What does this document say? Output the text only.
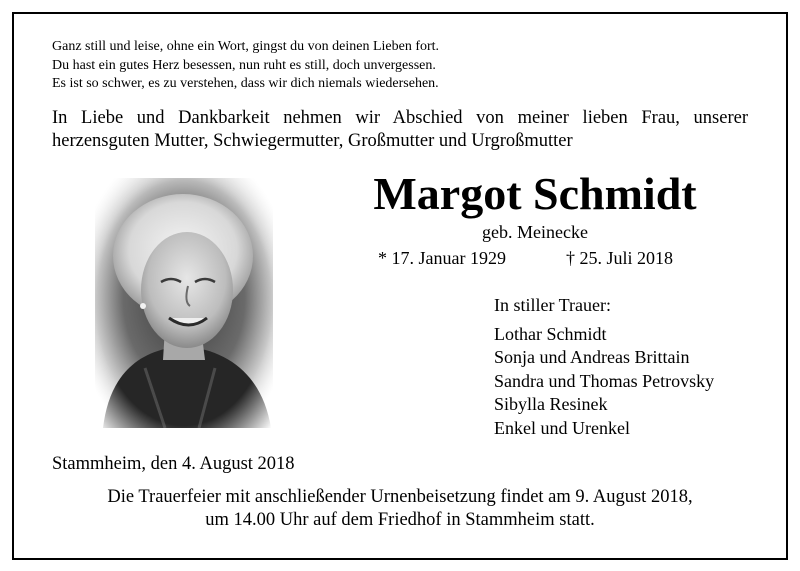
Ganz still und leise, ohne ein Wort, gingst du von deinen Lieben fort.
Du hast ein gutes Herz besessen, nun ruht es still, doch unvergessen.
Es ist so schwer, es zu verstehen, dass wir dich niemals wiedersehen.
In Liebe und Dankbarkeit nehmen wir Abschied von meiner lieben Frau, unserer herzensguten Mutter, Schwiegermutter, Großmutter und Urgroßmutter
Margot Schmidt
geb. Meinecke
* 17. Januar 1929	† 25. Juli 2018
In stiller Trauer:
Lothar Schmidt
Sonja und Andreas Brittain
Sandra und Thomas Petrovsky
Sibylla Resinek
Enkel und Urenkel
Stammheim, den 4. August 2018
Die Trauerfeier mit anschließender Urnenbeisetzung findet am 9. August 2018,
um 14.00 Uhr auf dem Friedhof in Stammheim statt.
